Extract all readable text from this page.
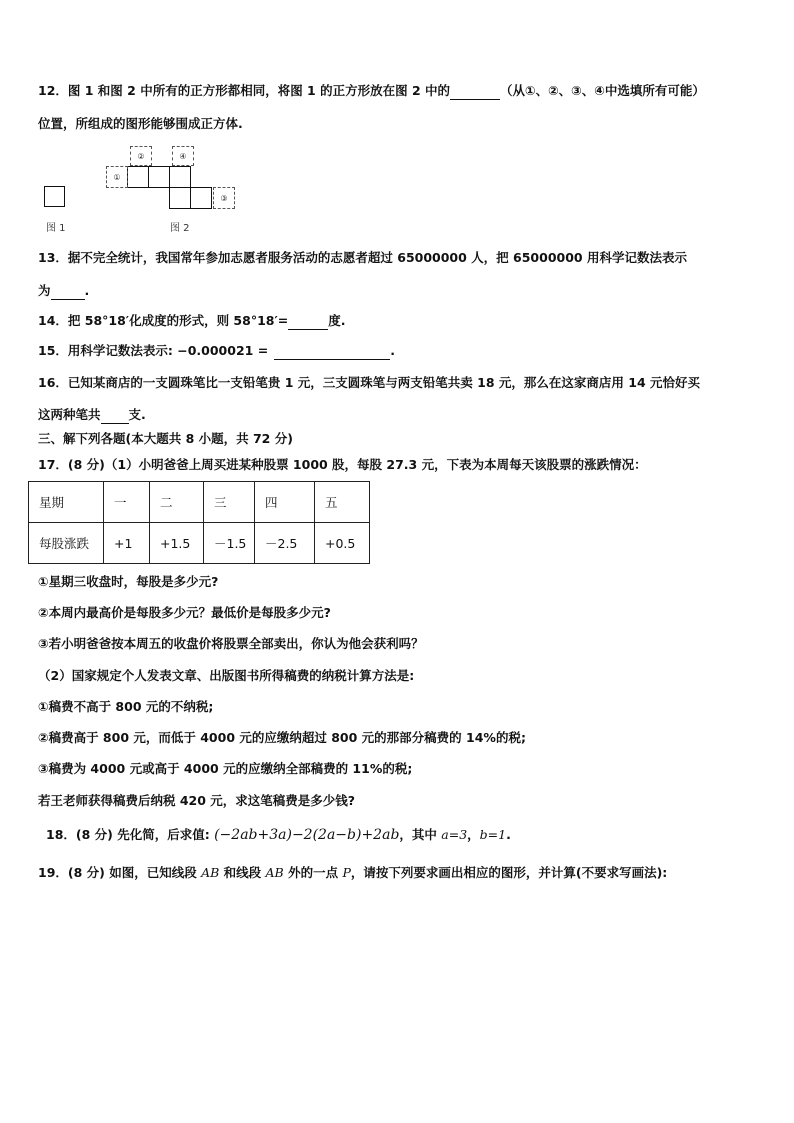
12．图 1 和图 2 中所有的正方形都相同，将图 1 的正方形放在图 2 中的	（从①、②、③、④中选填所有可能）
位置，所组成的图形能够围成正方体.
图 1
①
②	④
③
图 2
13．据不完全统计，我国常年参加志愿者服务活动的志愿者超过 65000000 人，把 65000000 用科学记数法表示
为	.
14．把 58°18′化成度的形式，则 58°18′=	度.
15．用科学记数法表示: −0.000021 =	.
16．已知某商店的一支圆珠笔比一支铅笔贵 1 元，三支圆珠笔与两支铅笔共卖 18 元，那么在这家商店用 14 元恰好买
这两种笔共 支.
三、解下列各题(本大题共 8 小题，共 72 分)
17．(8 分)（1）小明爸爸上周买进某种股票 1000 股，每股 27.3 元，下表为本周每天该股票的涨跌情况：
星期	一	二	三	四	五
每股涨跌	+1	+1.5	－1.5	－2.5	+0.5
①星期三收盘时，每股是多少元?
②本周内最高价是每股多少元？最低价是每股多少元?
③若小明爸爸按本周五的收盘价将股票全部卖出，你认为他会获利吗？
（2）国家规定个人发表文章、出版图书所得稿费的纳税计算方法是:
①稿费不高于 800 元的不纳税;
②稿费高于 800 元，而低于 4000 元的应缴纳超过 800 元的那部分稿费的 14%的税;
③稿费为 4000 元或高于 4000 元的应缴纳全部稿费的 11%的税;
若王老师获得稿费后纳税 420 元，求这笔稿费是多少钱?
18．(8 分) 先化简，后求值: (−2ab+3a)−2(2a−b)+2ab，其中 a=3，b=1.
19．(8 分) 如图，已知线段 AB 和线段 AB 外的一点 P，请按下列要求画出相应的图形，并计算(不要求写画法):
